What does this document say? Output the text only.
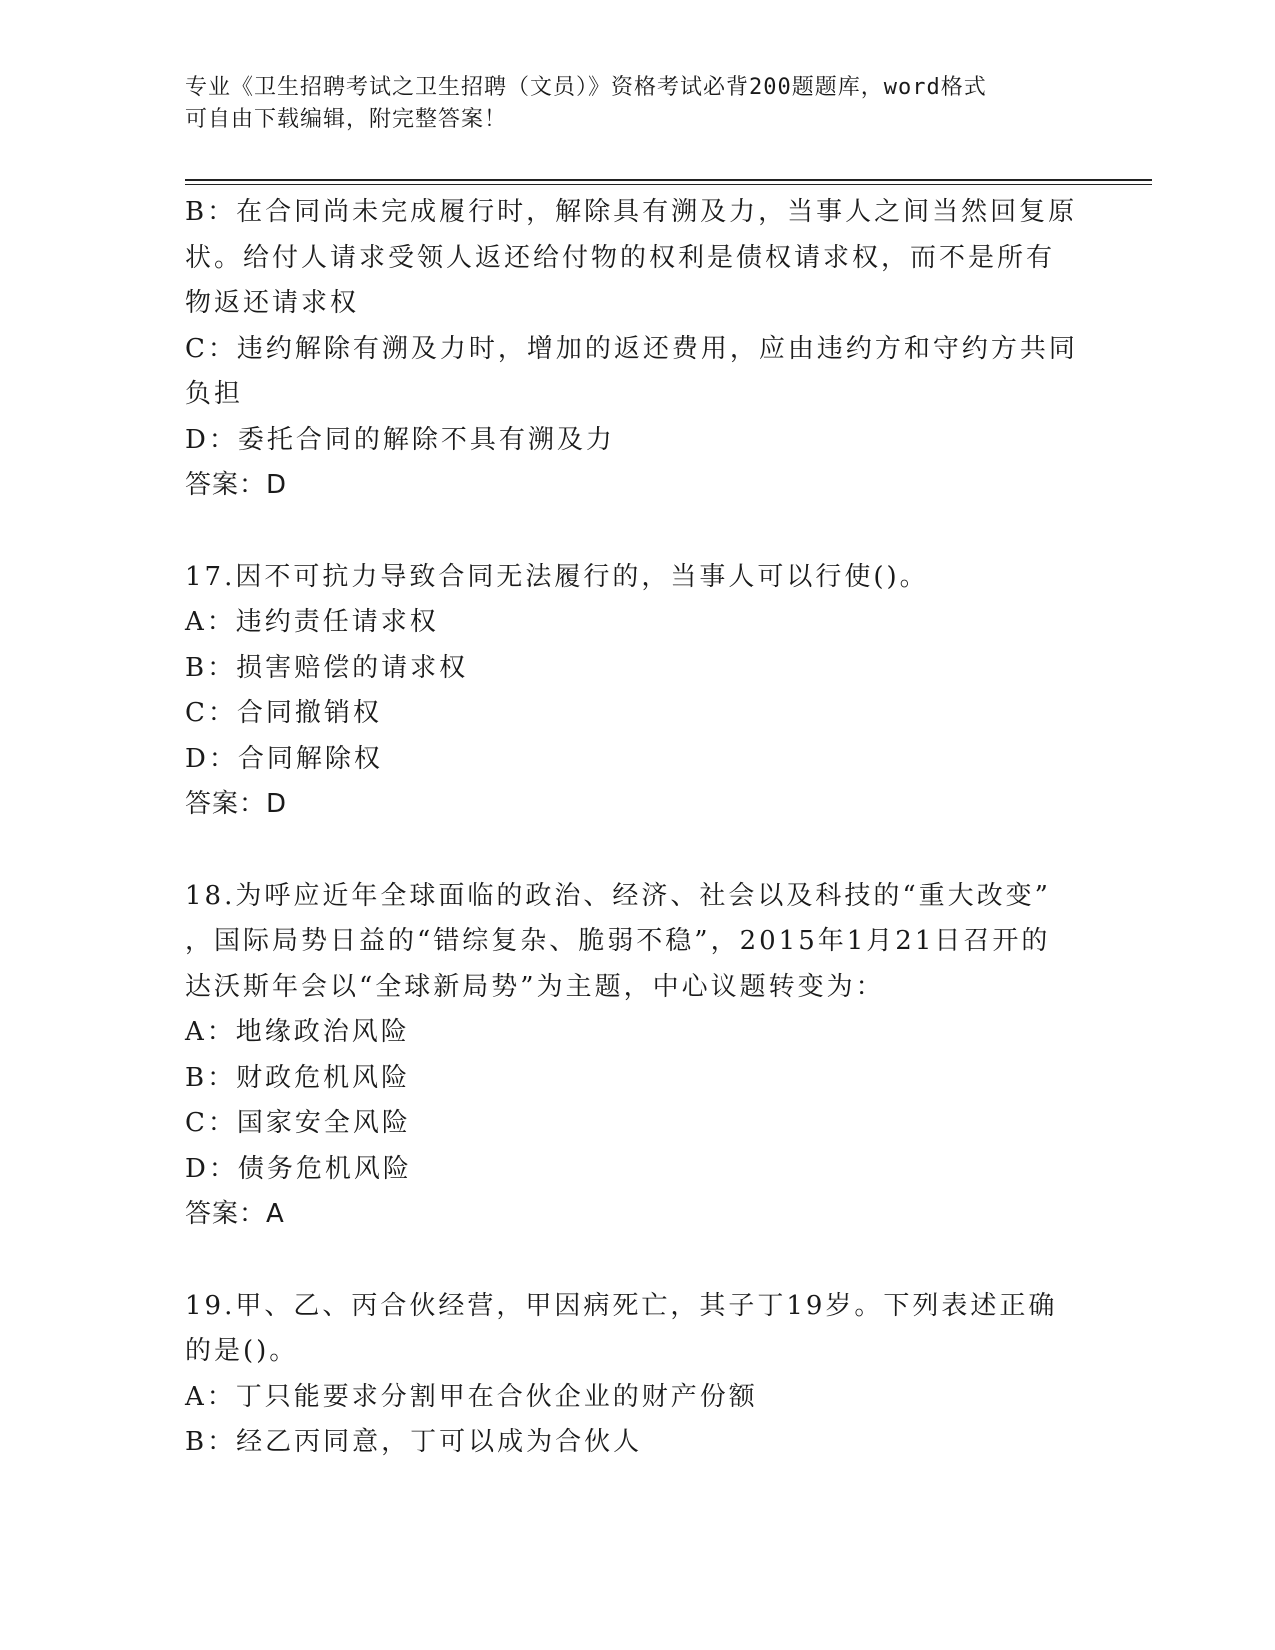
专业《卫生招聘考试之卫生招聘（文员）》资格考试必背200题题库，word格式
可自由下载编辑，附完整答案！
B：在合同尚未完成履行时，解除具有溯及力，当事人之间当然回复原
状。给付人请求受领人返还给付物的权利是债权请求权，而不是所有
物返还请求权
C：违约解除有溯及力时，增加的返还费用，应由违约方和守约方共同
负担
D：委托合同的解除不具有溯及力
答案：D
17.因不可抗力导致合同无法履行的，当事人可以行使()。
A：违约责任请求权
B：损害赔偿的请求权
C：合同撤销权
D：合同解除权
答案：D
18.为呼应近年全球面临的政治、经济、社会以及科技的“重大改变”
，国际局势日益的“错综复杂、脆弱不稳”，2015年1月21日召开的
达沃斯年会以“全球新局势”为主题，中心议题转变为：
A：地缘政治风险
B：财政危机风险
C：国家安全风险
D：债务危机风险
答案：A
19.甲、乙、丙合伙经营，甲因病死亡，其子丁19岁。下列表述正确
的是()。
A：丁只能要求分割甲在合伙企业的财产份额
B：经乙丙同意，丁可以成为合伙人
